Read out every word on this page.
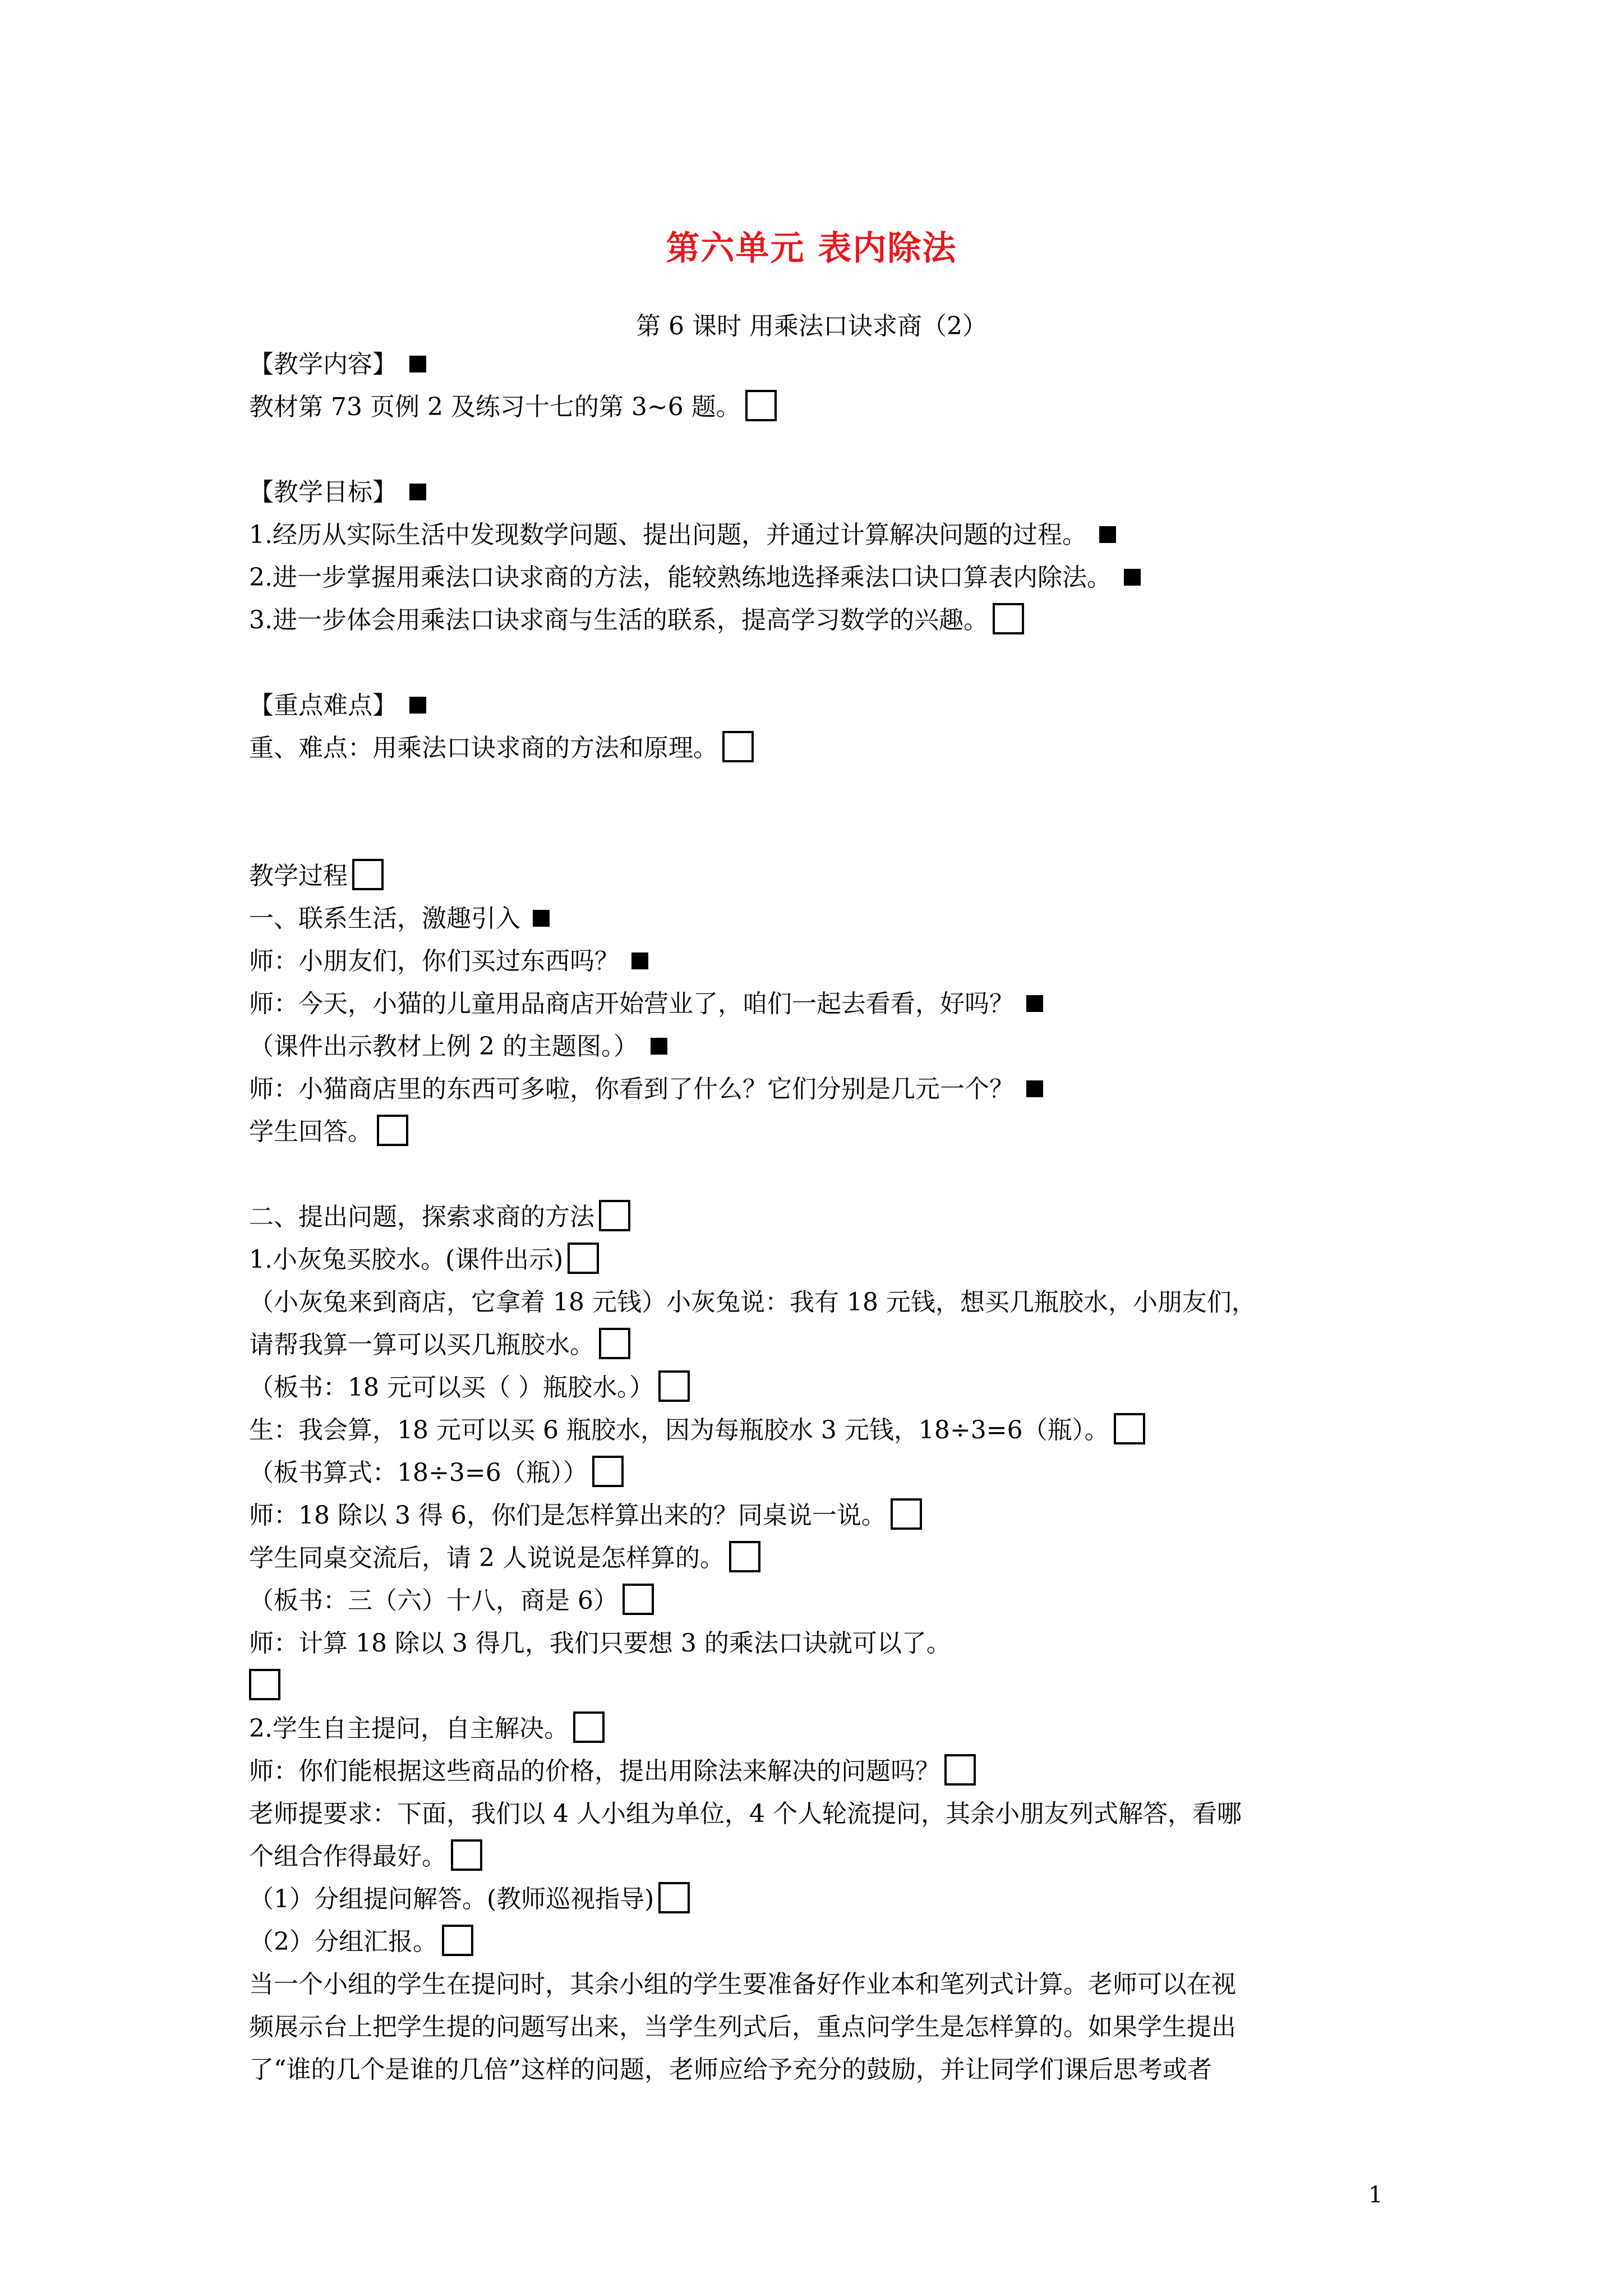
第六单元 表内除法
第 6 课时 用乘法口诀求商（2）
【教学内容】
教材第 73 页例 2 及练习十七的第 3~6 题。
【教学目标】
1.经历从实际生活中发现数学问题、提出问题，并通过计算解决问题的过程。
2.进一步掌握用乘法口诀求商的方法，能较熟练地选择乘法口诀口算表内除法。
3.进一步体会用乘法口诀求商与生活的联系，提高学习数学的兴趣。
【重点难点】
重、难点：用乘法口诀求商的方法和原理。
教学过程
一、联系生活，激趣引入
师：小朋友们，你们买过东西吗？
师：今天，小猫的儿童用品商店开始营业了，咱们一起去看看，好吗？
（课件出示教材上例 2 的主题图。）
师：小猫商店里的东西可多啦，你看到了什么？它们分别是几元一个？
学生回答。
二、提出问题，探索求商的方法
1.小灰兔买胶水。(课件出示)
（小灰兔来到商店，它拿着 18 元钱）小灰兔说：我有 18 元钱，想买几瓶胶水，小朋友们，
请帮我算一算可以买几瓶胶水。
（板书：18 元可以买（ ）瓶胶水。）
生：我会算，18 元可以买 6 瓶胶水，因为每瓶胶水 3 元钱，18÷3=6（瓶）。
（板书算式：18÷3=6（瓶））
师：18 除以 3 得 6，你们是怎样算出来的？同桌说一说。
学生同桌交流后，请 2 人说说是怎样算的。
（板书：三（六）十八，商是 6）
师：计算 18 除以 3 得几，我们只要想 3 的乘法口诀就可以了。
2.学生自主提问，自主解决。
师：你们能根据这些商品的价格，提出用除法来解决的问题吗？
老师提要求：下面，我们以 4 人小组为单位，4 个人轮流提问，其余小朋友列式解答，看哪
个组合作得最好。
（1）分组提问解答。(教师巡视指导)
（2）分组汇报。
当一个小组的学生在提问时，其余小组的学生要准备好作业本和笔列式计算。老师可以在视
频展示台上把学生提的问题写出来，当学生列式后，重点问学生是怎样算的。如果学生提出
了“谁的几个是谁的几倍”这样的问题，老师应给予充分的鼓励，并让同学们课后思考或者
1
